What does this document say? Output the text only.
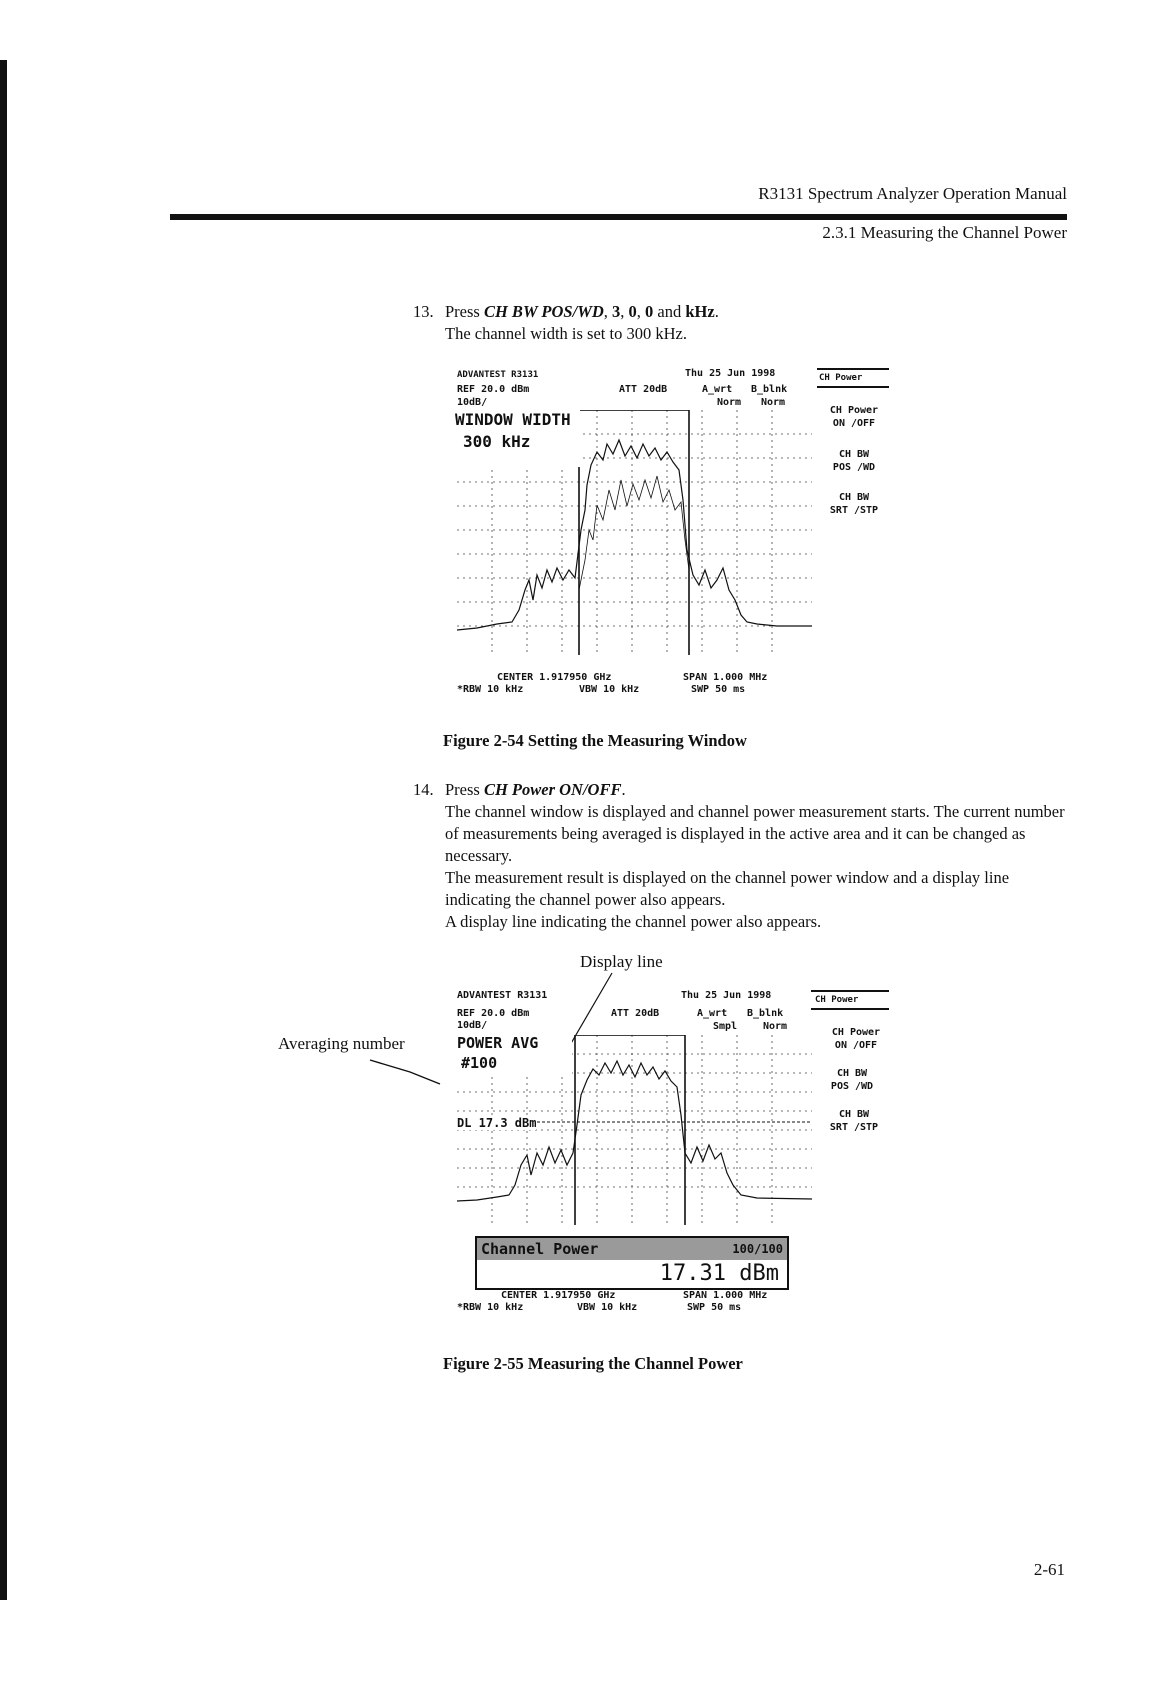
R3131 Spectrum Analyzer Operation Manual
2.3.1 Measuring the Channel Power
13. Press CH BW POS/WD, 3, 0, 0 and kHz.
The channel width is set to 300 kHz.
ADVANTEST R3131	Thu 25 Jun 1998	CH Power
REF 20.0 dBm	ATT 20dB	A_wrt B_blnk
10dB/	Norm Norm
WINDOW WIDTH
300 kHz
CH Power
ON /OFF
CH BW
POS /WD
CH BW
SRT /STP
CENTER 1.917950 GHz	SPAN 1.000 MHz
*RBW 10 kHz	VBW 10 kHz	SWP 50 ms
Figure 2-54 Setting the Measuring Window
14. Press CH Power ON/OFF.
The channel window is displayed and channel power measurement starts. The current number of measurements being averaged is displayed in the active area and it can be changed as necessary.
The measurement result is displayed on the channel power window and a display line indicating the channel power also appears.
A display line indicating the channel power also appears.
Display line
Averaging number
ADVANTEST R3131	Thu 25 Jun 1998	CH Power
REF 20.0 dBm	ATT 20dB	A_wrt B_blnk
10dB/	Smpl	Norm
POWER AVG
#100
DL 17.3 dBm
CH Power
ON /OFF
CH BW
POS /WD
CH BW
SRT /STP
Channel Power	100/100
17.31 dBm
CENTER 1.917950 GHz	SPAN 1.000 MHz
*RBW 10 kHz	VBW 10 kHz	SWP 50 ms
Figure 2-55 Measuring the Channel Power
2-61
